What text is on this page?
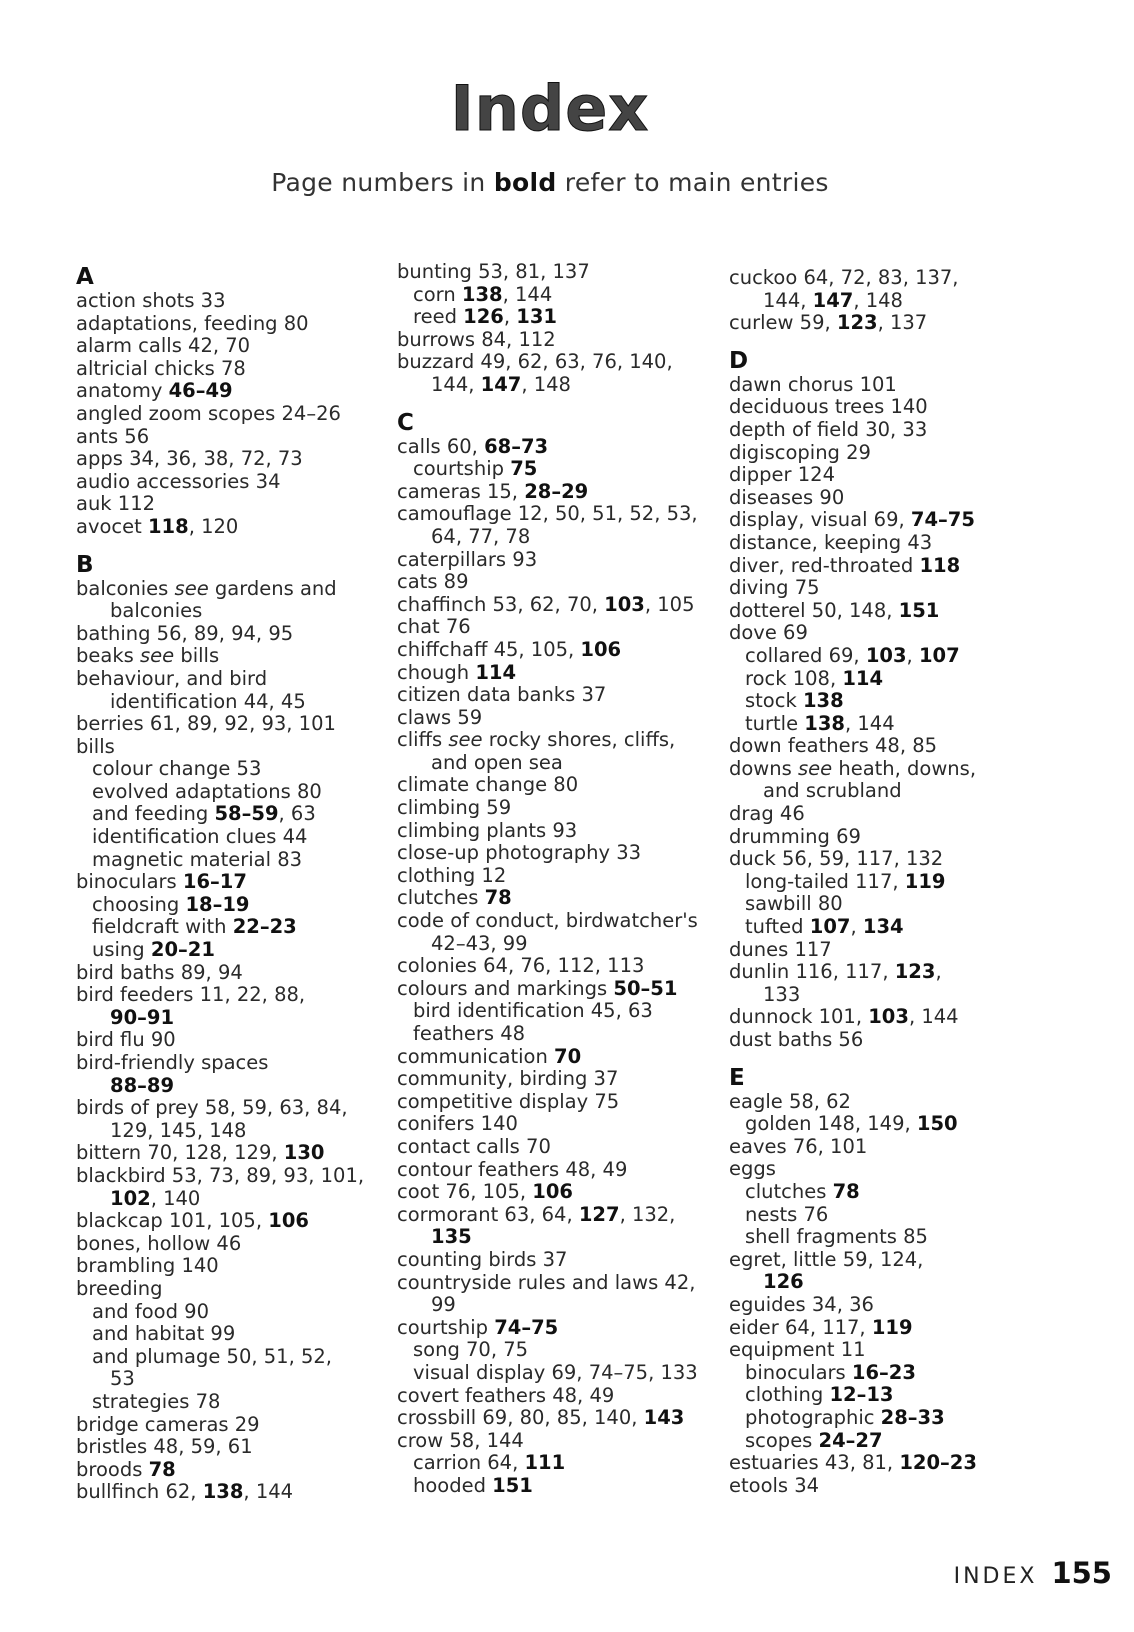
Index
Page numbers in bold refer to main entries
A
action shots 33
adaptations, feeding 80
alarm calls 42, 70
altricial chicks 78
anatomy 46–49
angled zoom scopes 24–26
ants 56
apps 34, 36, 38, 72, 73
audio accessories 34
auk 112
avocet 118, 120
B
balconies see gardens and
balconies
bathing 56, 89, 94, 95
beaks see bills
behaviour, and bird
identification 44, 45
berries 61, 89, 92, 93, 101
bills
colour change 53
evolved adaptations 80
and feeding 58–59, 63
identification clues 44
magnetic material 83
binoculars 16–17
choosing 18–19
fieldcraft with 22–23
using 20–21
bird baths 89, 94
bird feeders 11, 22, 88,
90–91
bird flu 90
bird-friendly spaces
88–89
birds of prey 58, 59, 63, 84,
129, 145, 148
bittern 70, 128, 129, 130
blackbird 53, 73, 89, 93, 101,
102, 140
blackcap 101, 105, 106
bones, hollow 46
brambling 140
breeding
and food 90
and habitat 99
and plumage 50, 51, 52,
53
strategies 78
bridge cameras 29
bristles 48, 59, 61
broods 78
bullfinch 62, 138, 144
bunting 53, 81, 137
corn 138, 144
reed 126, 131
burrows 84, 112
buzzard 49, 62, 63, 76, 140,
144, 147, 148
C
calls 60, 68–73
courtship 75
cameras 15, 28–29
camouflage 12, 50, 51, 52, 53,
64, 77, 78
caterpillars 93
cats 89
chaffinch 53, 62, 70, 103, 105
chat 76
chiffchaff 45, 105, 106
chough 114
citizen data banks 37
claws 59
cliffs see rocky shores, cliffs,
and open sea
climate change 80
climbing 59
climbing plants 93
close-up photography 33
clothing 12
clutches 78
code of conduct, birdwatcher's
42–43, 99
colonies 64, 76, 112, 113
colours and markings 50–51
bird identification 45, 63
feathers 48
communication 70
community, birding 37
competitive display 75
conifers 140
contact calls 70
contour feathers 48, 49
coot 76, 105, 106
cormorant 63, 64, 127, 132,
135
counting birds 37
countryside rules and laws 42,
99
courtship 74–75
song 70, 75
visual display 69, 74–75, 133
covert feathers 48, 49
crossbill 69, 80, 85, 140, 143
crow 58, 144
carrion 64, 111
hooded 151
cuckoo 64, 72, 83, 137,
144, 147, 148
curlew 59, 123, 137
D
dawn chorus 101
deciduous trees 140
depth of field 30, 33
digiscoping 29
dipper 124
diseases 90
display, visual 69, 74–75
distance, keeping 43
diver, red-throated 118
diving 75
dotterel 50, 148, 151
dove 69
collared 69, 103, 107
rock 108, 114
stock 138
turtle 138, 144
down feathers 48, 85
downs see heath, downs,
and scrubland
drag 46
drumming 69
duck 56, 59, 117, 132
long-tailed 117, 119
sawbill 80
tufted 107, 134
dunes 117
dunlin 116, 117, 123,
133
dunnock 101, 103, 144
dust baths 56
E
eagle 58, 62
golden 148, 149, 150
eaves 76, 101
eggs
clutches 78
nests 76
shell fragments 85
egret, little 59, 124,
126
eguides 34, 36
eider 64, 117, 119
equipment 11
binoculars 16–23
clothing 12–13
photographic 28–33
scopes 24–27
estuaries 43, 81, 120–23
etools 34
INDEX 155
